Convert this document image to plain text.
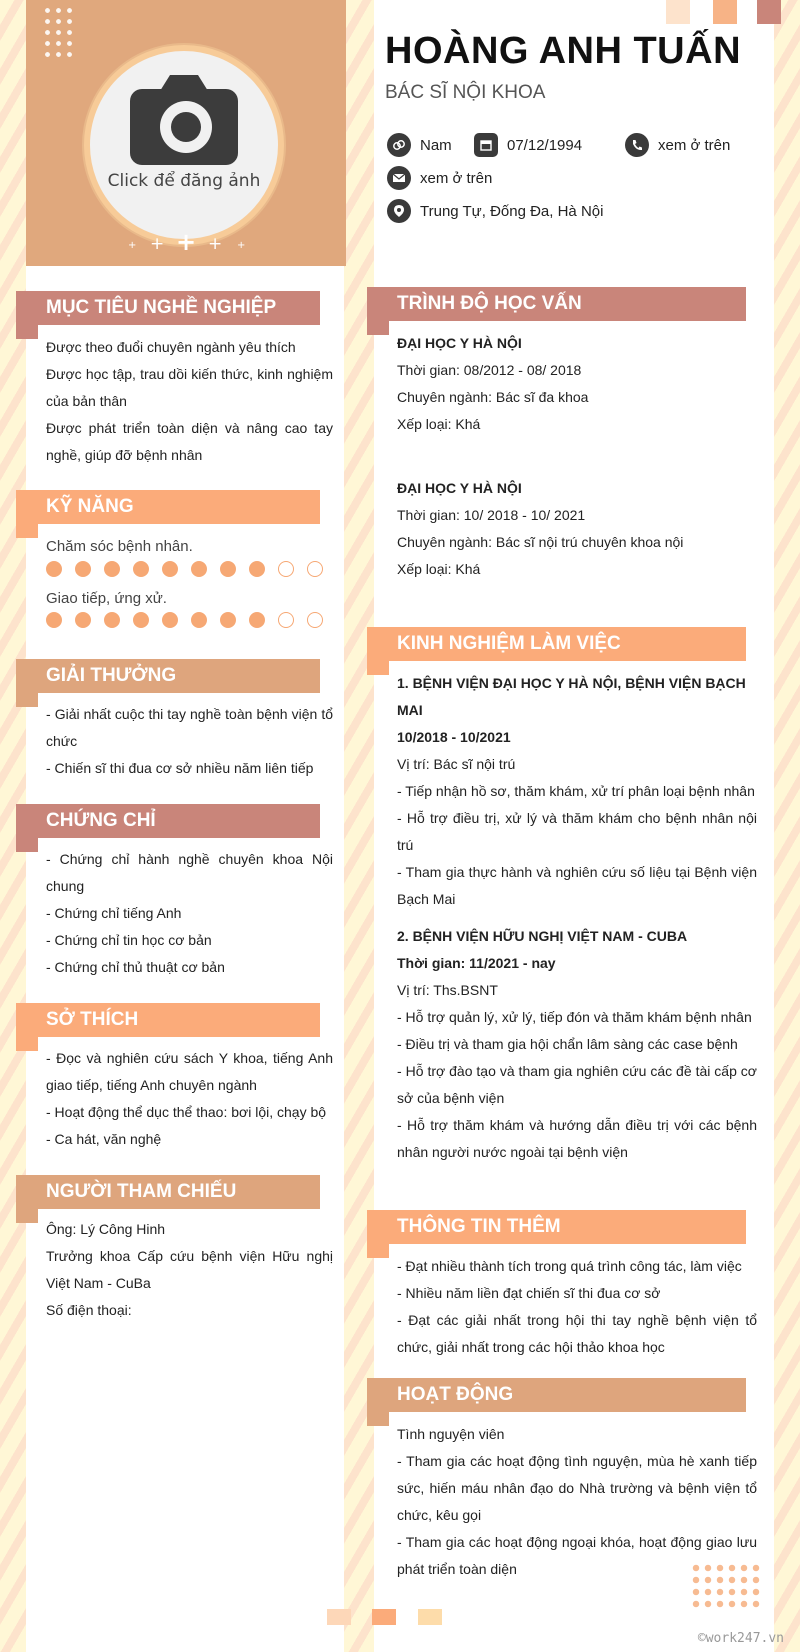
Click để đăng ảnh
+ + + + +
HOÀNG ANH TUẤN
BÁC SĨ NỘI KHOA
Nam	07/12/1994	xem ở trên
xem ở trên
Trung Tự, Đống Đa, Hà Nội
MỤC TIÊU NGHỀ NGHIỆP

Được theo đuổi chuyên ngành yêu thích

Được học tập, trau dồi kiến thức, kinh nghiệm của bản thân

Được phát triển toàn diện và nâng cao tay nghề, giúp đỡ bệnh nhân

KỸ NĂNG
Chăm sóc bệnh nhân.
Giao tiếp, ứng xử.
GIẢI THƯỞNG

- Giải nhất cuộc thi tay nghề toàn bệnh viện tổ chức

- Chiến sĩ thi đua cơ sở nhiều năm liên tiếp

CHỨNG CHỈ

- Chứng chỉ hành nghề chuyên khoa Nội chung

- Chứng chỉ tiếng Anh

- Chứng chỉ tin học cơ bản

- Chứng chỉ thủ thuật cơ bản

SỞ THÍCH

- Đọc và nghiên cứu sách Y khoa, tiếng Anh giao tiếp, tiếng Anh chuyên ngành

- Hoạt động thể dục thể thao: bơi lội, chạy bộ

- Ca hát, văn nghệ

NGƯỜI THAM CHIẾU

Ông: Lý Công Hinh

Trưởng khoa Cấp cứu bệnh viện Hữu nghị Việt Nam - CuBa

Số điện thoại:

TRÌNH ĐỘ HỌC VẤN

ĐẠI HỌC Y HÀ NỘI

Thời gian: 08/2012 - 08/ 2018

Chuyên ngành: Bác sĩ đa khoa

Xếp loại: Khá

ĐẠI HỌC Y HÀ NỘI

Thời gian: 10/ 2018 - 10/ 2021

Chuyên ngành: Bác sĩ nội trú chuyên khoa nội

Xếp loại: Khá

KINH NGHIỆM LÀM VIỆC

1. BỆNH VIỆN ĐẠI HỌC Y HÀ NỘI, BỆNH VIỆN BẠCH MAI

10/2018 - 10/2021

Vị trí: Bác sĩ nội trú

- Tiếp nhận hồ sơ, thăm khám, xử trí phân loại bệnh nhân

- Hỗ trợ điều trị, xử lý và thăm khám cho bệnh nhân nội trú

- Tham gia thực hành và nghiên cứu số liệu tại Bệnh viện Bạch Mai

2. BỆNH VIỆN HỮU NGHỊ VIỆT NAM - CUBA

Thời gian: 11/2021 - nay

Vị trí: Ths.BSNT

- Hỗ trợ quản lý, xử lý, tiếp đón và thăm khám bệnh nhân

- Điều trị và tham gia hội chẩn lâm sàng các case bệnh

- Hỗ trợ đào tạo và tham gia nghiên cứu các đề tài cấp cơ sở của bệnh viện

- Hỗ trợ thăm khám và hướng dẫn điều trị với các bệnh nhân người nước ngoài tại bệnh viện

THÔNG TIN THÊM

- Đạt nhiều thành tích trong quá trình công tác, làm việc

- Nhiều năm liền đạt chiến sĩ thi đua cơ sở

- Đạt các giải nhất trong hội thi tay nghề bệnh viện tổ chức, giải nhất trong các hội thảo khoa học

HOẠT ĐỘNG

Tình nguyện viên

- Tham gia các hoạt động tình nguyện, mùa hè xanh tiếp sức, hiến máu nhân đạo do Nhà trường và bệnh viện tổ chức, kêu gọi

- Tham gia các hoạt động ngoại khóa, hoạt động giao lưu phát triển toàn diện

©work247.vn
